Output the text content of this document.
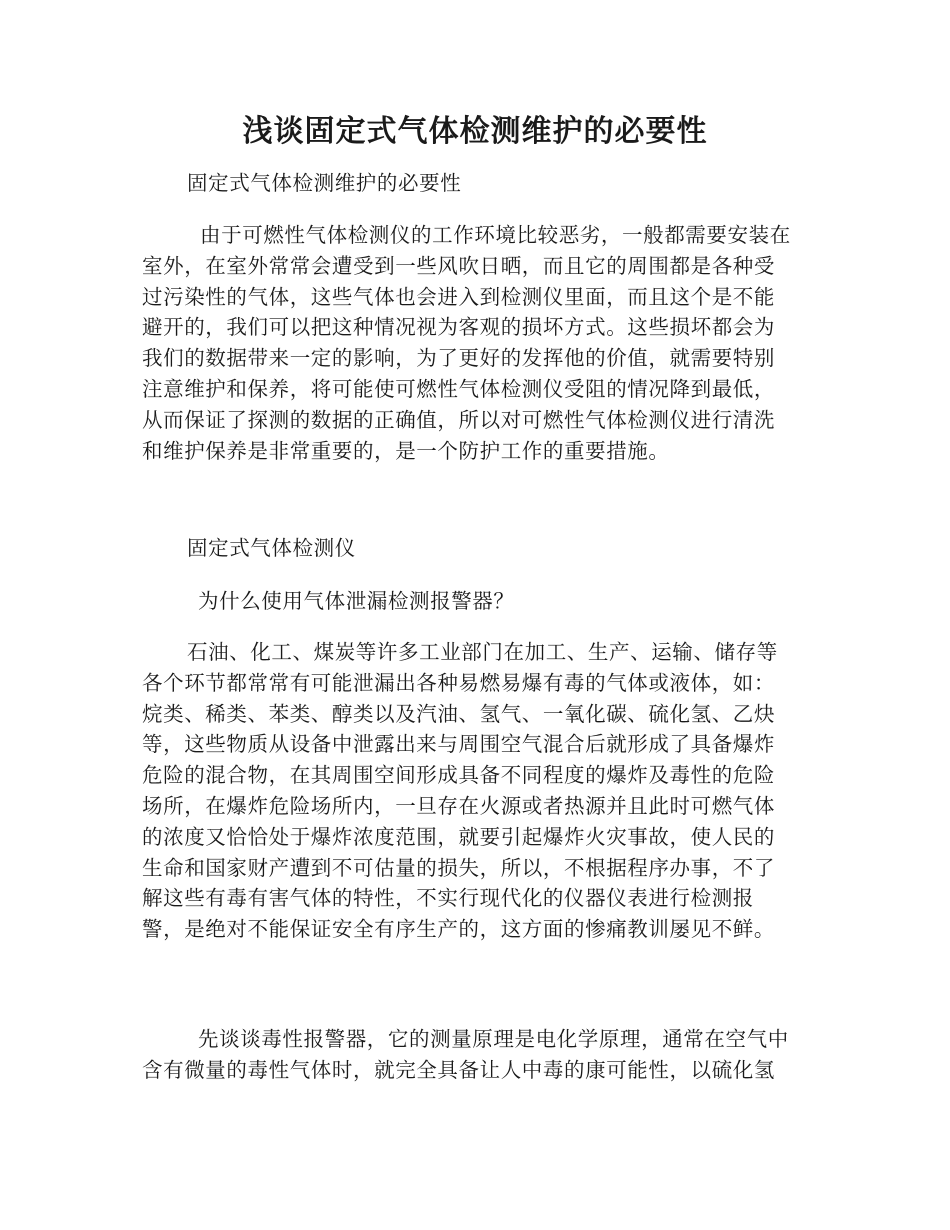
浅谈固定式气体检测维护的必要性

固定式气体检测维护的必要性

由于可燃性气体检测仪的工作环境比较恶劣，一般都需要安装在
室外，在室外常常会遭受到一些风吹日晒，而且它的周围都是各种受
过污染性的气体，这些气体也会进入到检测仪里面，而且这个是不能
避开的，我们可以把这种情况视为客观的损坏方式。这些损坏都会为
我们的数据带来一定的影响，为了更好的发挥他的价值，就需要特别
注意维护和保养，将可能使可燃性气体检测仪受阻的情况降到最低，
从而保证了探测的数据的正确值，所以对可燃性气体检测仪进行清洗
和维护保养是非常重要的，是一个防护工作的重要措施。

固定式气体检测仪

为什么使用气体泄漏检测报警器？

石油、化工、煤炭等许多工业部门在加工、生产、运输、储存等
各个环节都常常有可能泄漏出各种易燃易爆有毒的气体或液体，如：
烷类、稀类、苯类、醇类以及汽油、氢气、一氧化碳、硫化氢、乙炔
等，这些物质从设备中泄露出来与周围空气混合后就形成了具备爆炸
危险的混合物，在其周围空间形成具备不同程度的爆炸及毒性的危险
场所，在爆炸危险场所内，一旦存在火源或者热源并且此时可燃气体
的浓度又恰恰处于爆炸浓度范围，就要引起爆炸火灾事故，使人民的
生命和国家财产遭到不可估量的损失，所以，不根据程序办事，不了
解这些有毒有害气体的特性，不实行现代化的仪器仪表进行检测报
警，是绝对不能保证安全有序生产的，这方面的惨痛教训屡见不鲜。

先谈谈毒性报警器，它的测量原理是电化学原理，通常在空气中
含有微量的毒性气体时，就完全具备让人中毒的康可能性，以硫化氢
